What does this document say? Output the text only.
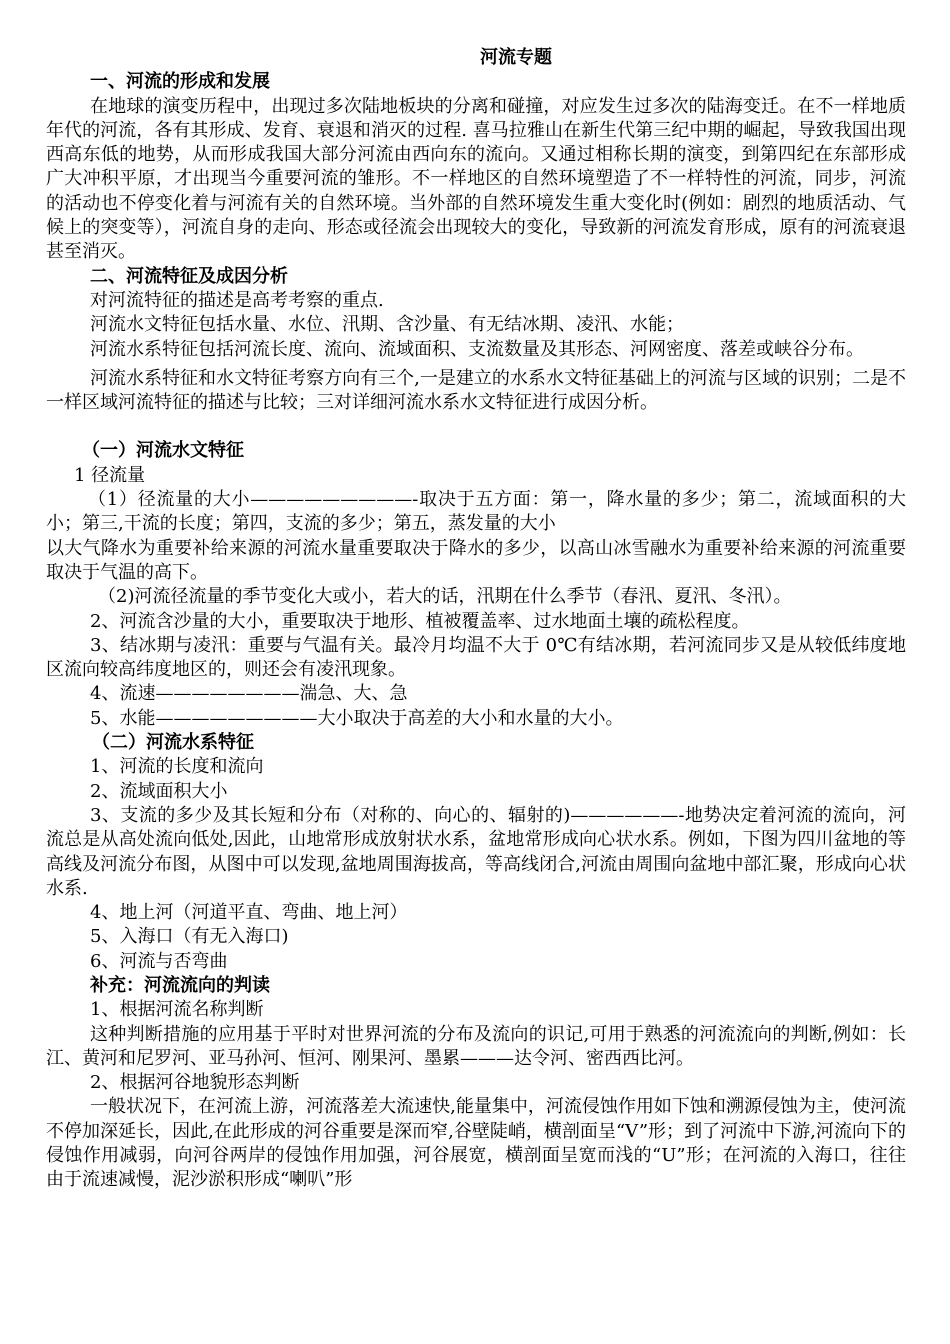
河流专题

一、河流的形成和发展

在地球的演变历程中，出现过多次陆地板块的分离和碰撞，对应发生过多次的陆海变迁。在不一样地质年代的河流，各有其形成、发育、衰退和消灭的过程. 喜马拉雅山在新生代第三纪中期的崛起，导致我国出现西高东低的地势，从而形成我国大部分河流由西向东的流向。又通过相称长期的演变，到第四纪在东部形成广大冲积平原，才出现当今重要河流的雏形。不一样地区的自然环境塑造了不一样特性的河流，同步，河流的活动也不停变化着与河流有关的自然环境。当外部的自然环境发生重大变化时(例如：剧烈的地质活动、气候上的突变等），河流自身的走向、形态或径流会出现较大的变化，导致新的河流发育形成，原有的河流衰退甚至消灭。

二、河流特征及成因分析

对河流特征的描述是高考考察的重点.

河流水文特征包括水量、水位、汛期、含沙量、有无结冰期、凌汛、水能；

河流水系特征包括河流长度、流向、流域面积、支流数量及其形态、河网密度、落差或峡谷分布。

河流水系特征和水文特征考察方向有三个,一是建立的水系水文特征基础上的河流与区域的识别；二是不一样区域河流特征的描述与比较；三对详细河流水系水文特征进行成因分析。

（一）河流水文特征

1 径流量

（1）径流量的大小—————————-取决于五方面：第一，降水量的多少；第二，流域面积的大小；第三,干流的长度；第四，支流的多少；第五，蒸发量的大小

以大气降水为重要补给来源的河流水量重要取决于降水的多少，以高山冰雪融水为重要补给来源的河流重要取决于气温的高下。

（2)河流径流量的季节变化大或小，若大的话，汛期在什么季节（春汛、夏汛、冬汛）。

2、河流含沙量的大小，重要取决于地形、植被覆盖率、过水地面土壤的疏松程度。

3、结冰期与凌汛：重要与气温有关。最冷月均温不大于 0℃有结冰期，若河流同步又是从较低纬度地区流向较高纬度地区的，则还会有凌汛现象。

4、流速————————湍急、大、急

5、水能—————————大小取决于高差的大小和水量的大小。

（二）河流水系特征

1、河流的长度和流向

2、流域面积大小

3、支流的多少及其长短和分布（对称的、向心的、辐射的)——————-地势决定着河流的流向，河流总是从高处流向低处,因此，山地常形成放射状水系，盆地常形成向心状水系。例如，下图为四川盆地的等高线及河流分布图，从图中可以发现,盆地周围海拔高，等高线闭合,河流由周围向盆地中部汇聚，形成向心状水系.

4、地上河（河道平直、弯曲、地上河）

5、入海口（有无入海口)

6、河流与否弯曲

补充：河流流向的判读

1、根据河流名称判断

这种判断措施的应用基于平时对世界河流的分布及流向的识记,可用于熟悉的河流流向的判断,例如：长江、黄河和尼罗河、亚马孙河、恒河、刚果河、墨累———达令河、密西西比河。

2、根据河谷地貌形态判断

一般状况下，在河流上游，河流落差大流速快,能量集中，河流侵蚀作用如下蚀和溯源侵蚀为主，使河流不停加深延长，因此,在此形成的河谷重要是深而窄,谷壁陡峭，横剖面呈“V”形；到了河流中下游,河流向下的侵蚀作用减弱，向河谷两岸的侵蚀作用加强，河谷展宽，横剖面呈宽而浅的“U”形；在河流的入海口，往往由于流速减慢，泥沙淤积形成“喇叭”形
